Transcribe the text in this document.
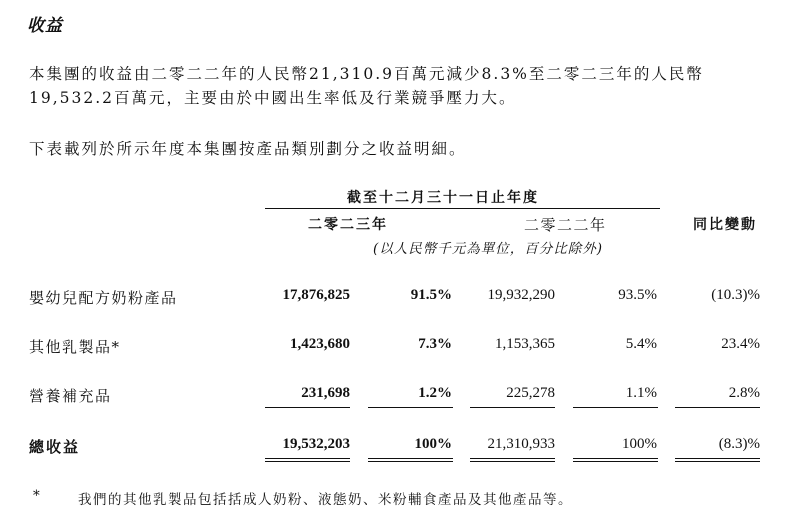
收益
本集團的收益由二零二二年的人民幣21,310.9百萬元減少8.3%至二零二三年的人民幣19,532.2百萬元，主要由於中國出生率低及行業競爭壓力大。
下表載列於所示年度本集團按產品類別劃分之收益明細。
截至十二月三十一日止年度
二零二三年	二零二二年	同比變動
(以人民幣千元為單位，百分比除外)
嬰幼兒配方奶粉產品	17,876,825	91.5% 19,932,290	93.5%	(10.3)%
其他乳製品*	1,423,680	7.3%	1,153,365	5.4%	23.4%
營養補充品	231,698	1.2%	225,278	1.1%	2.8%
總收益	19,532,203	100% 21,310,933	100%	(8.3)%
*	我們的其他乳製品包括括成人奶粉、液態奶、米粉輔食產品及其他產品等。
